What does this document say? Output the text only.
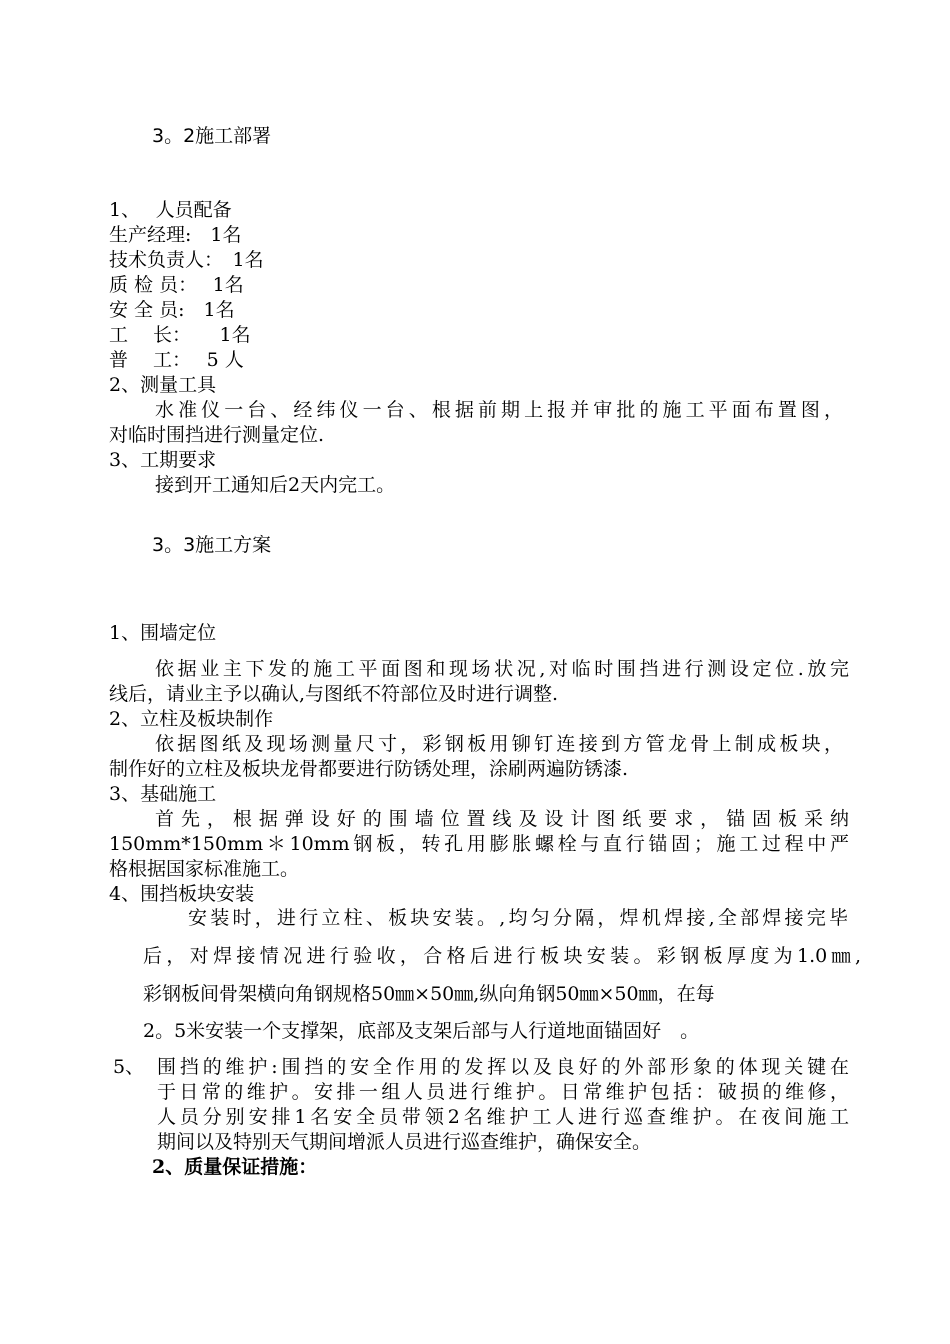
3。2施工部署

1、　 人员配备

生产经理:　1名

技术负责人：　1名

质 检 员：　 1名

安 全 员:　1名

工　 长：　　1名

普　 工：　 5 人

2、测量工具

水准仪一台、经纬仪一台、根据前期上报并审批的施工平面布置图，

对临时围挡进行测量定位.

3、工期要求

接到开工通知后2天内完工。

3。3施工方案

1、围墙定位

依据业主下发的施工平面图和现场状况,对临时围挡进行测设定位.放完

线后，请业主予以确认,与图纸不符部位及时进行调整.

2、立柱及板块制作

依据图纸及现场测量尺寸，彩钢板用铆钉连接到方管龙骨上制成板块，

制作好的立柱及板块龙骨都要进行防锈处理，涂刷两遍防锈漆.

3、基础施工

首先，根据弹设好的围墙位置线及设计图纸要求，锚固板采纳

150mm*150mm＊10mm钢板，转孔用膨胀螺栓与直行锚固；施工过程中严

格根据国家标准施工。

4、围挡板块安装

安装时，进行立柱、板块安装。,均匀分隔，焊机焊接,全部焊接完毕

后，对焊接情况进行验收，合格后进行板块安装。彩钢板厚度为1.0㎜,

彩钢板间骨架横向角钢规格50㎜×50㎜,纵向角钢50㎜×50㎜，在每

2。5米安装一个支撑架，底部及支架后部与人行道地面锚固好　。

5、 围挡的维护:围挡的安全作用的发挥以及良好的外部形象的体现关键在

于日常的维护。安排一组人员进行维护。日常维护包括：破损的维修，

人员分别安排1名安全员带领2名维护工人进行巡查维护。在夜间施工

期间以及特别天气期间增派人员进行巡查维护，确保安全。

2、质量保证措施：
